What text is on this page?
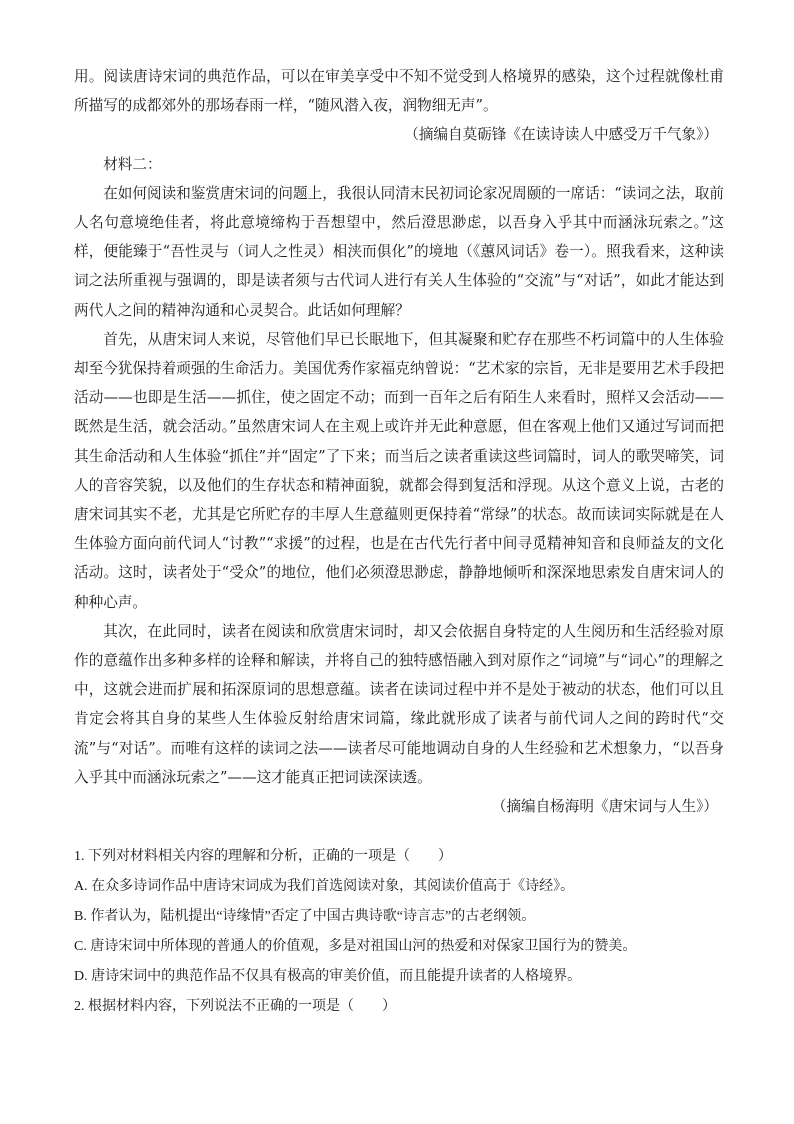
用。阅读唐诗宋词的典范作品，可以在审美享受中不知不觉受到人格境界的感染，这个过程就像杜甫所描写的成都郊外的那场春雨一样，“随风潜入夜，润物细无声”。

（摘编自莫砺锋《在读诗读人中感受万千气象》）

材料二：

在如何阅读和鉴赏唐宋词的问题上，我很认同清末民初词论家况周颐的一席话：“读词之法，取前人名句意境绝佳者，将此意境缔构于吾想望中，然后澄思渺虑，以吾身入乎其中而涵泳玩索之。”这样，便能臻于“吾性灵与（词人之性灵）相浃而俱化”的境地（《蕙风词话》卷一）。照我看来，这种读词之法所重视与强调的，即是读者须与古代词人进行有关人生体验的“交流”与“对话”，如此才能达到两代人之间的精神沟通和心灵契合。此话如何理解？

首先，从唐宋词人来说，尽管他们早已长眠地下，但其凝聚和贮存在那些不朽词篇中的人生体验却至今犹保持着顽强的生命活力。美国优秀作家福克纳曾说：“艺术家的宗旨，无非是要用艺术手段把活动——也即是生活——抓住，使之固定不动；而到一百年之后有陌生人来看时，照样又会活动——既然是生活，就会活动。”虽然唐宋词人在主观上或许并无此种意愿，但在客观上他们又通过写词而把其生命活动和人生体验“抓住”并“固定”了下来；而当后之读者重读这些词篇时，词人的歌哭啼笑，词人的音容笑貌，以及他们的生存状态和精神面貌，就都会得到复活和浮现。从这个意义上说，古老的唐宋词其实不老，尤其是它所贮存的丰厚人生意蕴则更保持着“常绿”的状态。故而读词实际就是在人生体验方面向前代词人“讨教”“求援”的过程，也是在古代先行者中间寻觅精神知音和良师益友的文化活动。这时，读者处于“受众”的地位，他们必须澄思渺虑，静静地倾听和深深地思索发自唐宋词人的种种心声。

其次，在此同时，读者在阅读和欣赏唐宋词时，却又会依据自身特定的人生阅历和生活经验对原作的意蕴作出多种多样的诠释和解读，并将自己的独特感悟融入到对原作之“词境”与“词心”的理解之中，这就会进而扩展和拓深原词的思想意蕴。读者在读词过程中并不是处于被动的状态，他们可以且肯定会将其自身的某些人生体验反射给唐宋词篇，缘此就形成了读者与前代词人之间的跨时代“交流”与“对话”。而唯有这样的读词之法——读者尽可能地调动自身的人生经验和艺术想象力，“以吾身入乎其中而涵泳玩索之”——这才能真正把词读深读透。

（摘编自杨海明《唐宋词与人生》）

1. 下列对材料相关内容的理解和分析，正确的一项是（　　）

A. 在众多诗词作品中唐诗宋词成为我们首选阅读对象，其阅读价值高于《诗经》。

B. 作者认为，陆机提出“诗缘情”否定了中国古典诗歌“诗言志”的古老纲领。

C. 唐诗宋词中所体现的普通人的价值观，多是对祖国山河的热爱和对保家卫国行为的赞美。

D. 唐诗宋词中的典范作品不仅具有极高的审美价值，而且能提升读者的人格境界。

2. 根据材料内容，下列说法不正确的一项是（　　）
